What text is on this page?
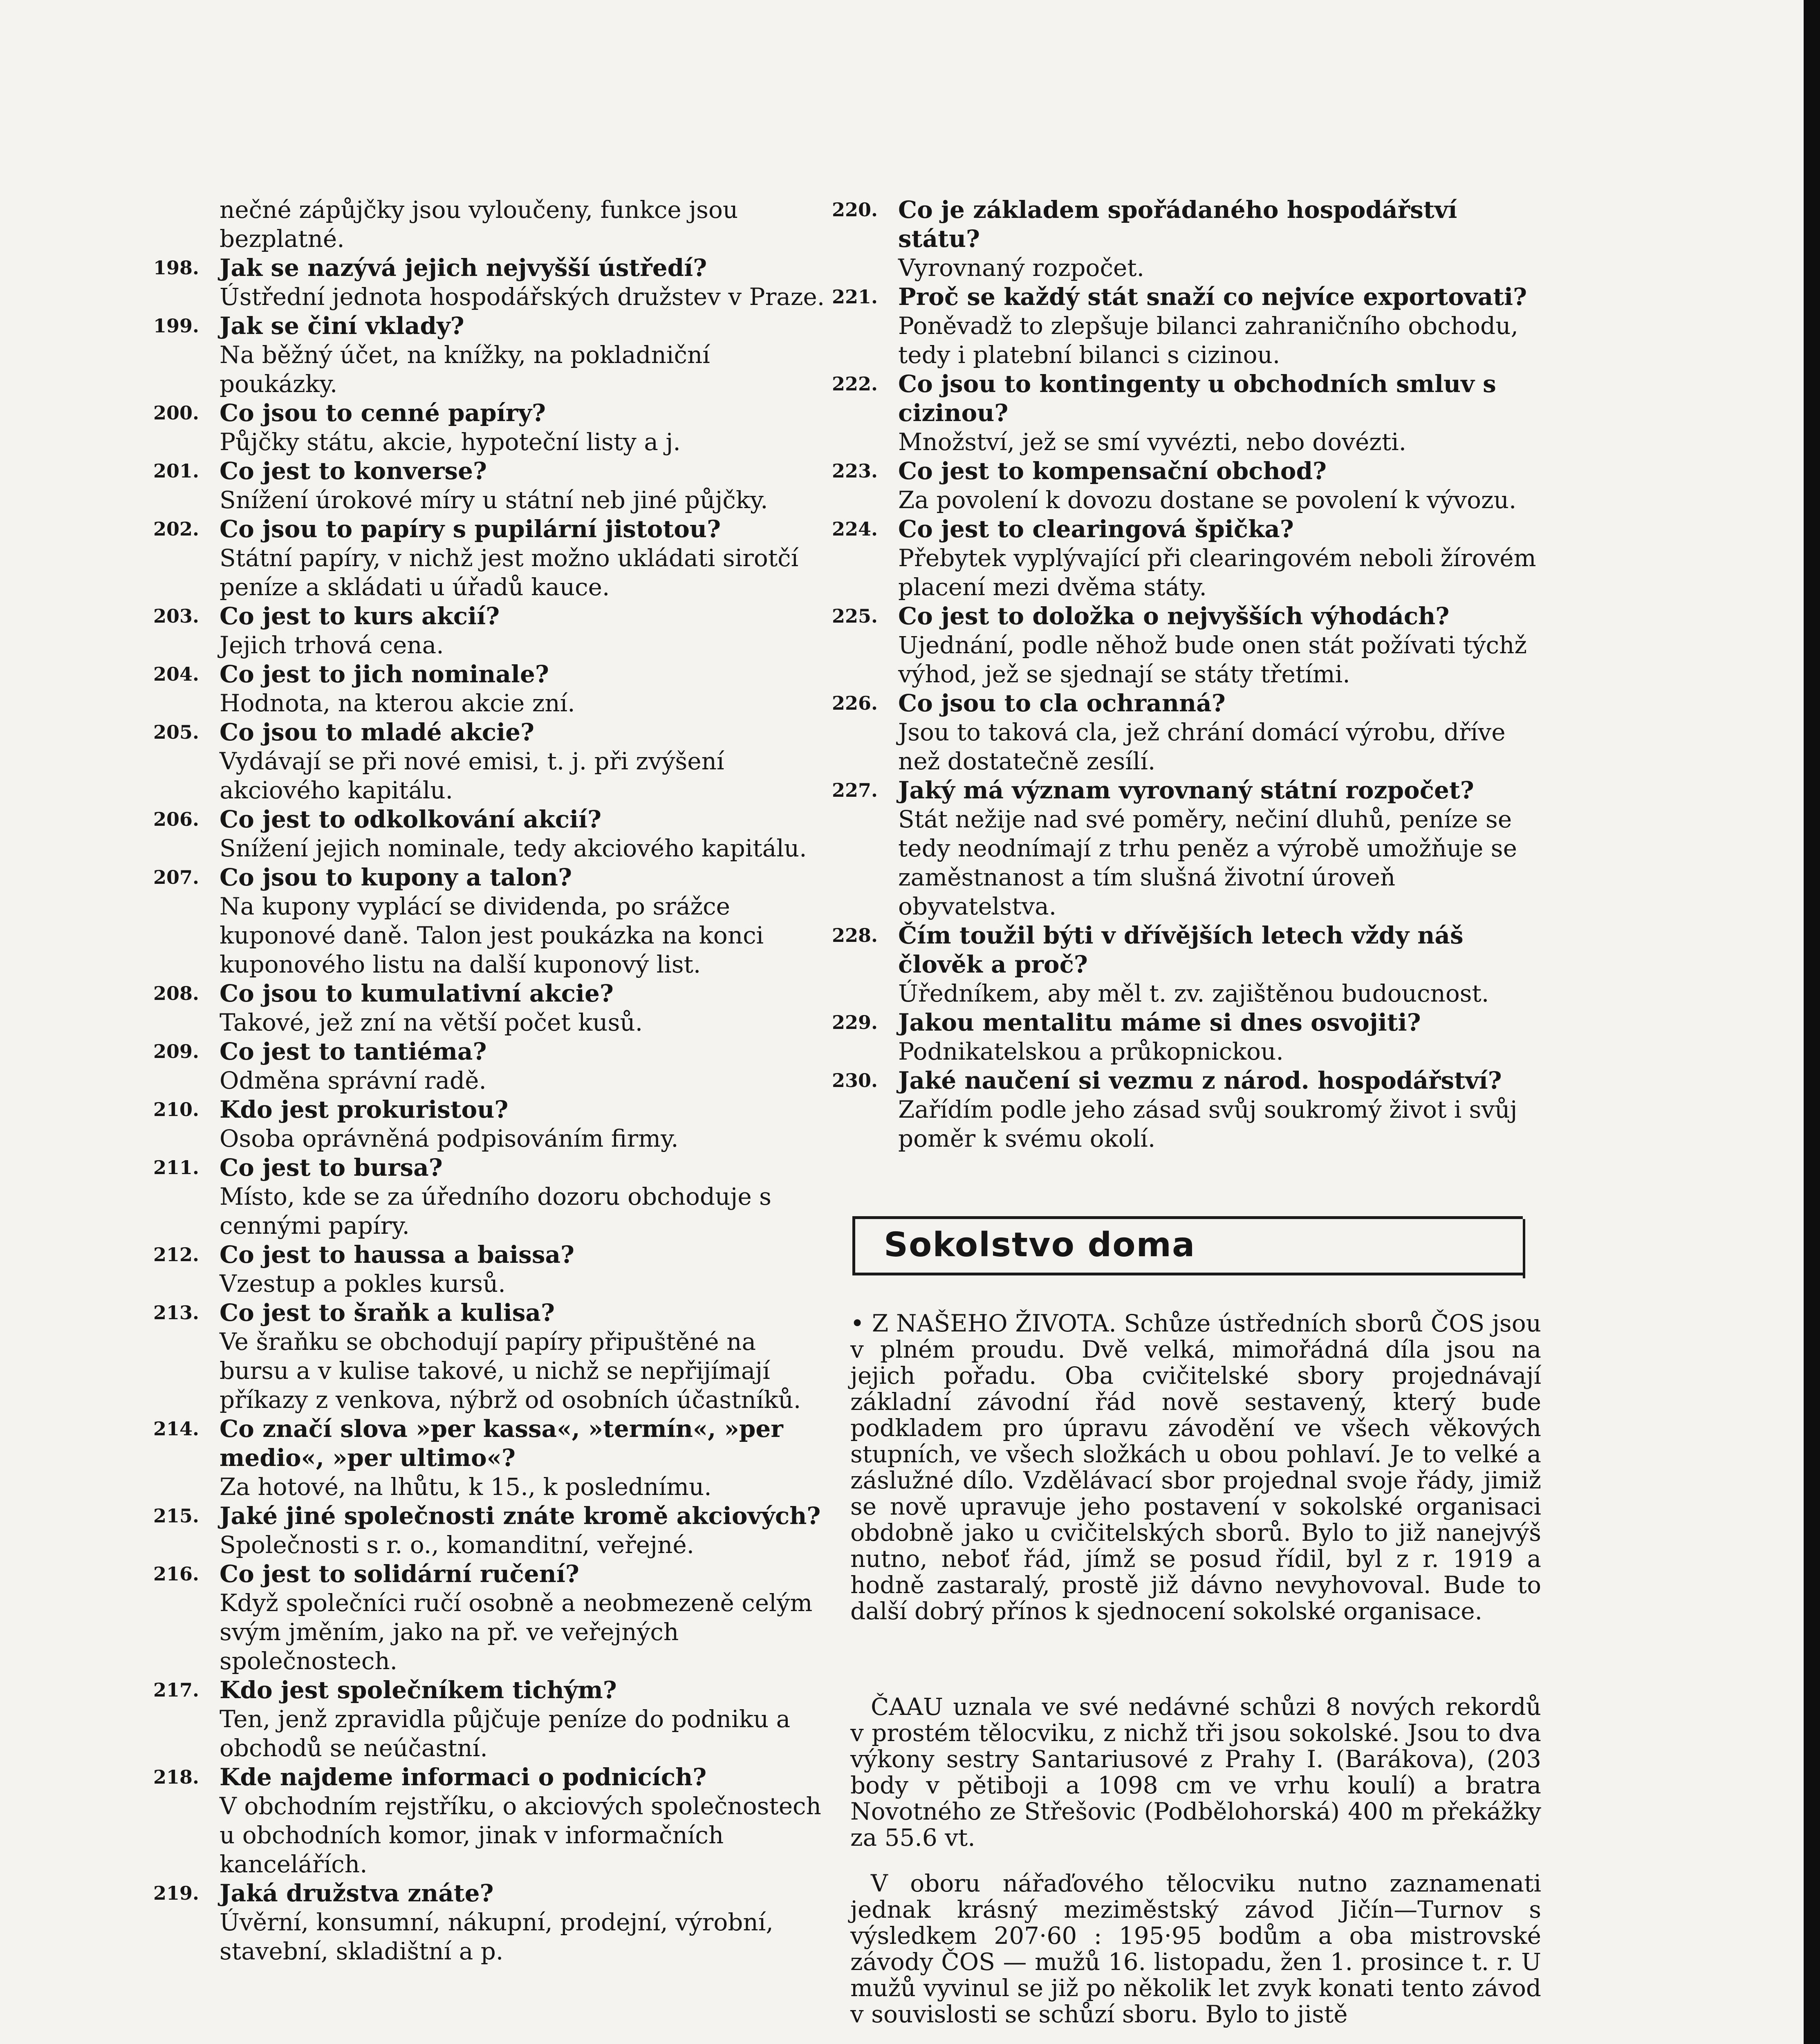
nečné zápůjčky jsou vyloučeny, funkce jsou bezplatné.
198. Jak se nazývá jejich nejvyšší ústředí?
Ústřední jednota hospodářských družstev v Praze.
199. Jak se činí vklady?
Na běžný účet, na knížky, na pokladniční poukázky.
200. Co jsou to cenné papíry?
Půjčky státu, akcie, hypoteční listy a j.
201. Co jest to konverse?
Snížení úrokové míry u státní neb jiné půjčky.
202. Co jsou to papíry s pupilární jistotou?
Státní papíry, v nichž jest možno ukládati sirotčí peníze a skládati u úřadů kauce.
203. Co jest to kurs akcií?
Jejich trhová cena.
204. Co jest to jich nominale?
Hodnota, na kterou akcie zní.
205. Co jsou to mladé akcie?
Vydávají se při nové emisi, t. j. při zvýšení akciového kapitálu.
206. Co jest to odkolkování akcií?
Snížení jejich nominale, tedy akciového kapitálu.
207. Co jsou to kupony a talon?
Na kupony vyplácí se dividenda, po srážce kuponové daně. Talon jest poukázka na konci kuponového listu na další kuponový list.
208. Co jsou to kumulativní akcie?
Takové, jež zní na větší počet kusů.
209. Co jest to tantiéma?
Odměna správní radě.
210. Kdo jest prokuristou?
Osoba oprávněná podpisováním firmy.
211. Co jest to bursa?
Místo, kde se za úředního dozoru obchoduje s cennými papíry.
212. Co jest to haussa a baissa?
Vzestup a pokles kursů.
213. Co jest to šraňk a kulisa?
Ve šraňku se obchodují papíry připuštěné na bursu a v kulise takové, u nichž se nepřijímají příkazy z venkova, nýbrž od osobních účastníků.
214. Co značí slova »per kassa«, »termín«, »per medio«, »per ultimo«?
Za hotové, na lhůtu, k 15., k poslednímu.
215. Jaké jiné společnosti znáte kromě akciových?
Společnosti s r. o., komanditní, veřejné.
216. Co jest to solidární ručení?
Když společníci ručí osobně a neobmezeně celým svým jměním, jako na př. ve veřejných společnostech.
217. Kdo jest společníkem tichým?
Ten, jenž zpravidla půjčuje peníze do podniku a obchodů se neúčastní.
218. Kde najdeme informaci o podnicích?
V obchodním rejstříku, o akciových společnostech u obchodních komor, jinak v informačních kancelářích.
219. Jaká družstva znáte?
Úvěrní, konsumní, nákupní, prodejní, výrobní, stavební, skladištní a p.
220. Co je základem spořádaného hospodářství státu?
Vyrovnaný rozpočet.
221. Proč se každý stát snaží co nejvíce exportovati?
Poněvadž to zlepšuje bilanci zahraničního obchodu, tedy i platební bilanci s cizinou.
222. Co jsou to kontingenty u obchodních smluv s cizinou?
Množství, jež se smí vyvézti, nebo dovézti.
223. Co jest to kompensační obchod?
Za povolení k dovozu dostane se povolení k vývozu.
224. Co jest to clearingová špička?
Přebytek vyplývající při clearingovém neboli žírovém placení mezi dvěma státy.
225. Co jest to doložka o nejvyšších výhodách?
Ujednání, podle něhož bude onen stát požívati týchž výhod, jež se sjednají se státy třetími.
226. Co jsou to cla ochranná?
Jsou to taková cla, jež chrání domácí výrobu, dříve než dostatečně zesílí.
227. Jaký má význam vyrovnaný státní rozpočet?
Stát nežije nad své poměry, nečiní dluhů, peníze se tedy neodnímají z trhu peněz a výrobě umožňuje se zaměstnanost a tím slušná životní úroveň obyvatelstva.
228. Čím toužil býti v dřívějších letech vždy náš člověk a proč?
Úředníkem, aby měl t. zv. zajištěnou budoucnost.
229. Jakou mentalitu máme si dnes osvojiti?
Podnikatelskou a průkopnickou.
230. Jaké naučení si vezmu z národ. hospodářství?
Zařídím podle jeho zásad svůj soukromý život i svůj poměr k svému okolí.
Sokolstvo doma
• Z NAŠEHO ŽIVOTA. Schůze ústředních sborů ČOS jsou v plném proudu. Dvě velká, mimořádná díla jsou na jejich pořadu. Oba cvičitelské sbory projednávají základní závodní řád nově sestavený, který bude podkladem pro úpravu závodění ve všech věkových stupních, ve všech složkách u obou pohlaví. Je to velké a záslužné dílo. Vzdělávací sbor projednal svoje řády, jimiž se nově upravuje jeho postavení v sokolské organisaci obdobně jako u cvičitelských sborů. Bylo to již nanejvýš nutno, neboť řád, jímž se posud řídil, byl z r. 1919 a hodně zastaralý, prostě již dávno nevyhovoval. Bude to další dobrý přínos k sjednocení sokolské organisace.
ČAAU uznala ve své nedávné schůzi 8 nových rekordů v prostém tělocviku, z nichž tři jsou sokolské. Jsou to dva výkony sestry Santariusové z Prahy I. (Barákova), (203 body v pětiboji a 1098 cm ve vrhu koulí) a bratra Novotného ze Střešovic (Podbělohorská) 400 m překážky za 55.6 vt.
V oboru nářaďového tělocviku nutno zaznamenati jednak krásný meziměstský závod Jičín—Turnov s výsledkem 207·60 : 195·95 bodům a oba mistrovské závody ČOS — mužů 16. listopadu, žen 1. prosince t. r. U mužů vyvinul se již po několik let zvyk konati tento závod v souvislosti se schůzí sboru. Bylo to jistě
